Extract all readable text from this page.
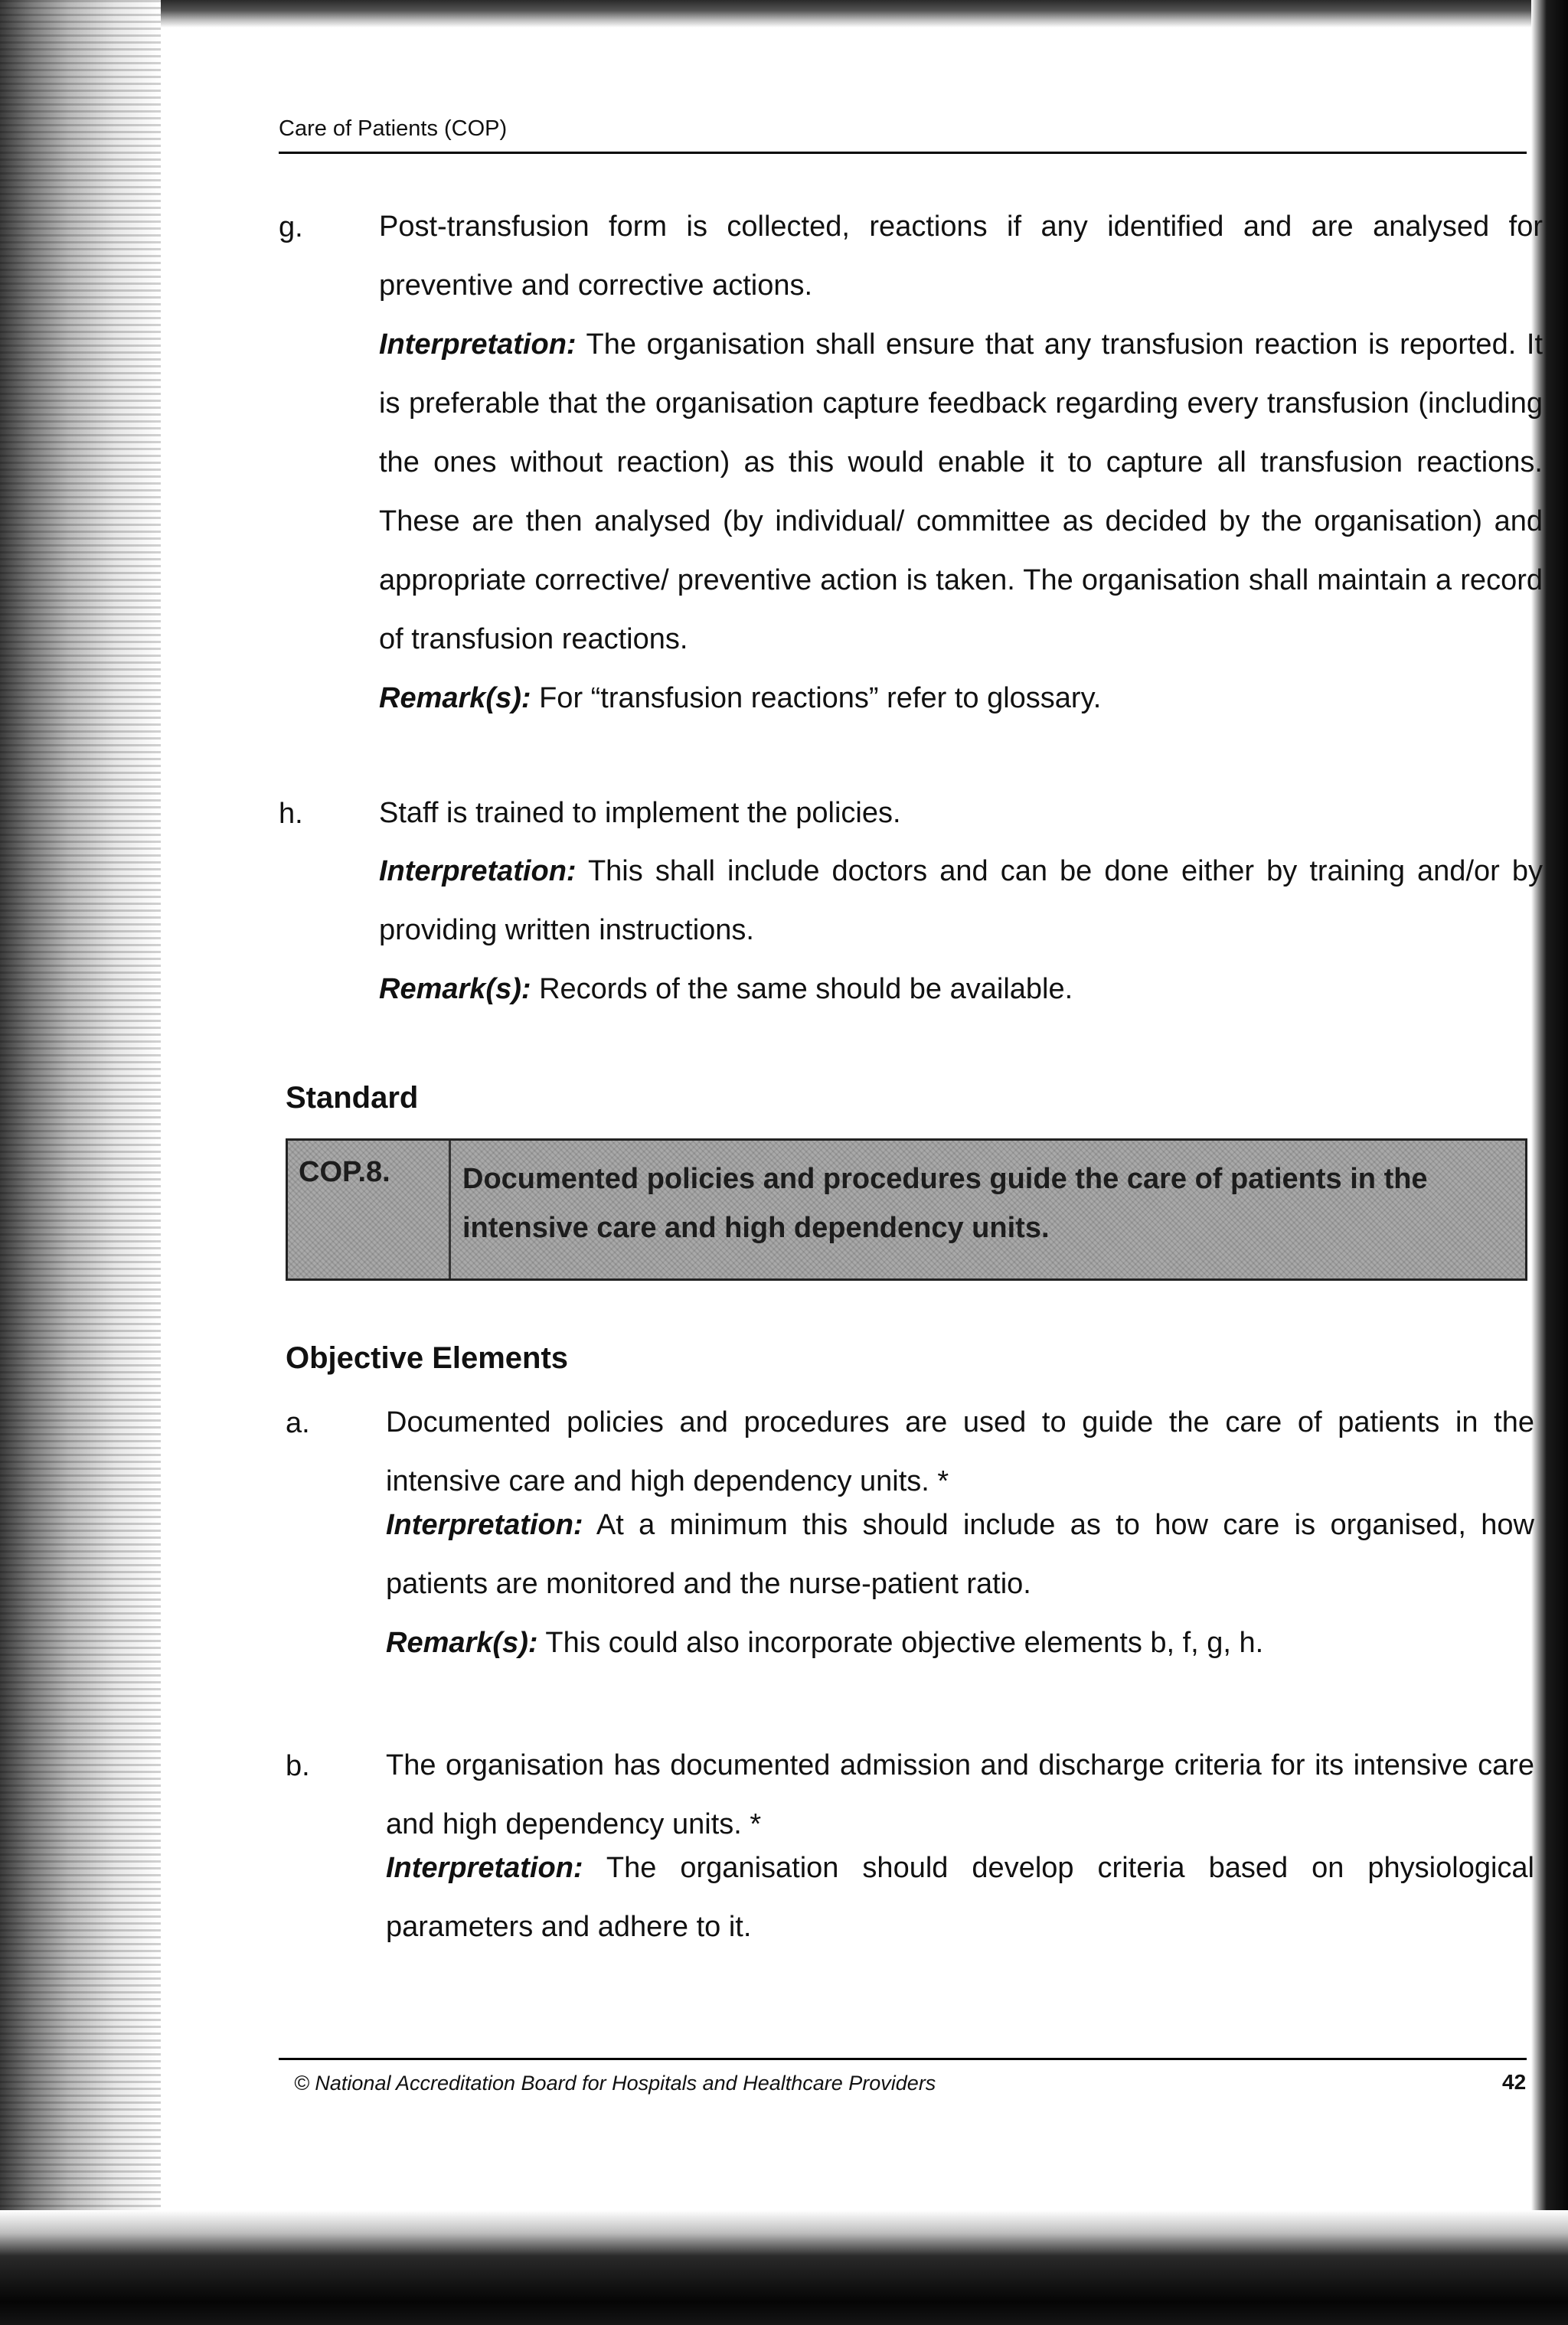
Care of Patients (COP)
g.	Post-transfusion form is collected, reactions if any identified and are analysed for preventive and corrective actions.

Interpretation: The organisation shall ensure that any transfusion reaction is reported. It is preferable that the organisation capture feedback regarding every transfusion (including the ones without reaction) as this would enable it to capture all transfusion reactions. These are then analysed (by individual/ committee as decided by the organisation) and appropriate corrective/ preventive action is taken. The organisation shall maintain a record of transfusion reactions.

Remark(s): For “transfusion reactions” refer to glossary.

h.	Staff is trained to implement the policies.

Interpretation: This shall include doctors and can be done either by training and/or by providing written instructions.

Remark(s): Records of the same should be available.

Standard
COP.8. Documented policies and procedures guide the care of patients in the intensive care and high dependency units.

Objective Elements
a.	Documented policies and procedures are used to guide the care of patients in the intensive care and high dependency units. *

Interpretation: At a minimum this should include as to how care is organised, how patients are monitored and the nurse-patient ratio.

Remark(s): This could also incorporate objective elements b, f, g, h.

b.	The organisation has documented admission and discharge criteria for its intensive care and high dependency units. *

Interpretation: The organisation should develop criteria based on physiological parameters and adhere to it.

© National Accreditation Board for Hospitals and Healthcare Providers	42
